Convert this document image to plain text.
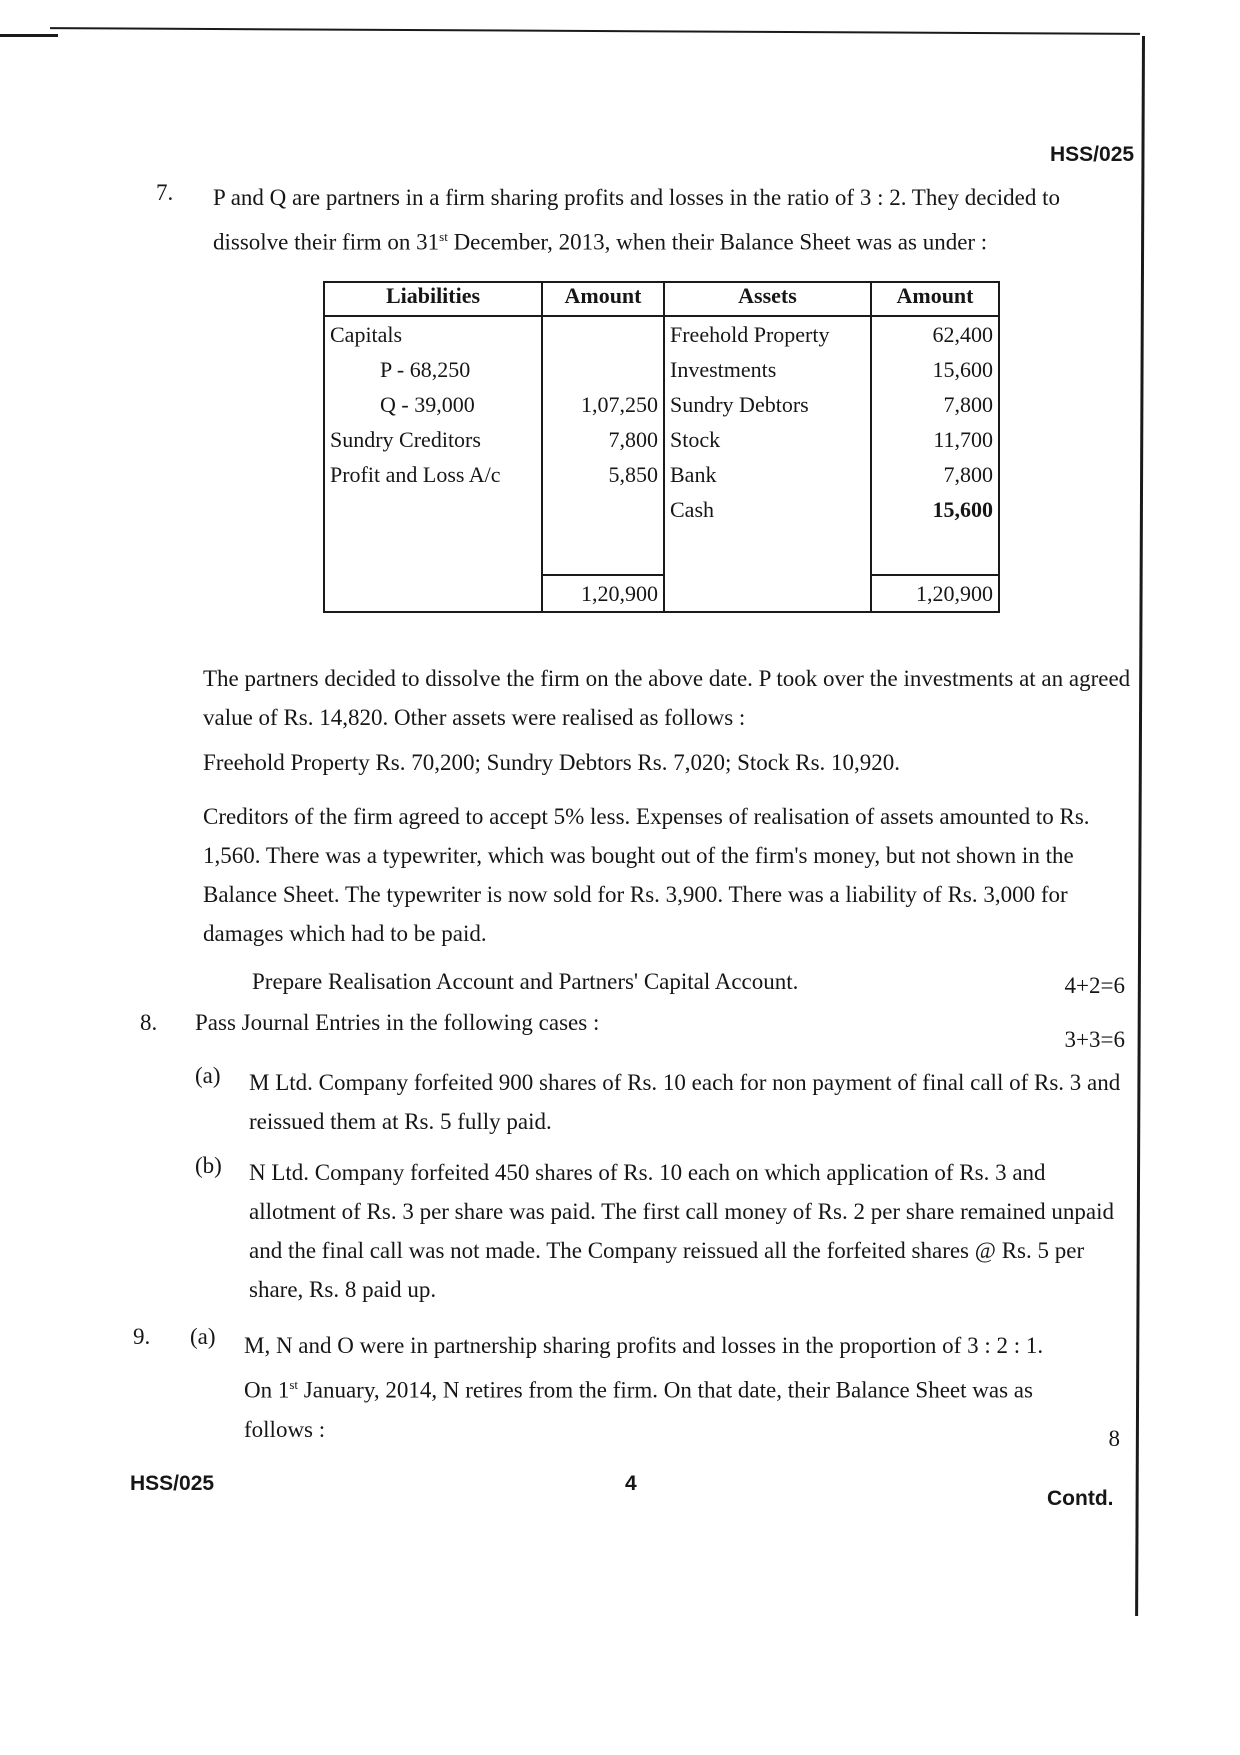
HSS/025
7. P and Q are partners in a firm sharing profits and losses in the ratio of 3 : 2. They decided to

dissolve their firm on 31st December, 2013, when their Balance Sheet was as under :

Liabilities	Amount	Assets	Amount
Capitals		Freehold Property	62,400
P - 68,250		Investments	15,600
Q - 39,000	1,07,250	Sundry Debtors	7,800
Sundry Creditors	7,800	Stock	11,700
Profit and Loss A/c	5,850	Bank	7,800
		Cash	15,600

	1,20,900		1,20,900
The partners decided to dissolve the firm on the above date. P took over the investments at an agreed value of Rs. 14,820. Other assets were realised as follows :
Freehold Property Rs. 70,200; Sundry Debtors Rs. 7,020; Stock Rs. 10,920.
Creditors of the firm agreed to accept 5% less. Expenses of realisation of assets amounted to Rs. 1,560. There was a typewriter, which was bought out of the firm's money, but not shown in the Balance Sheet. The typewriter is now sold for Rs. 3,900. There was a liability of Rs. 3,000 for damages which had to be paid.
Prepare Realisation Account and Partners' Capital Account.	4+2=6
8. Pass Journal Entries in the following cases :
3+3=6
(a) M Ltd. Company forfeited 900 shares of Rs. 10 each for non payment of final call of Rs. 3 and reissued them at Rs. 5 fully paid.
(b) N Ltd. Company forfeited 450 shares of Rs. 10 each on which application of Rs. 3 and allotment of Rs. 3 per share was paid. The first call money of Rs. 2 per share remained unpaid and the final call was not made. The Company reissued all the forfeited shares @ Rs. 5 per share, Rs. 8 paid up.
9. (a) M, N and O were in partnership sharing profits and losses in the proportion of 3 : 2 : 1.

On 1st January, 2014, N retires from the firm. On that date, their Balance Sheet was as

follows :	8
HSS/025	4
Contd.
